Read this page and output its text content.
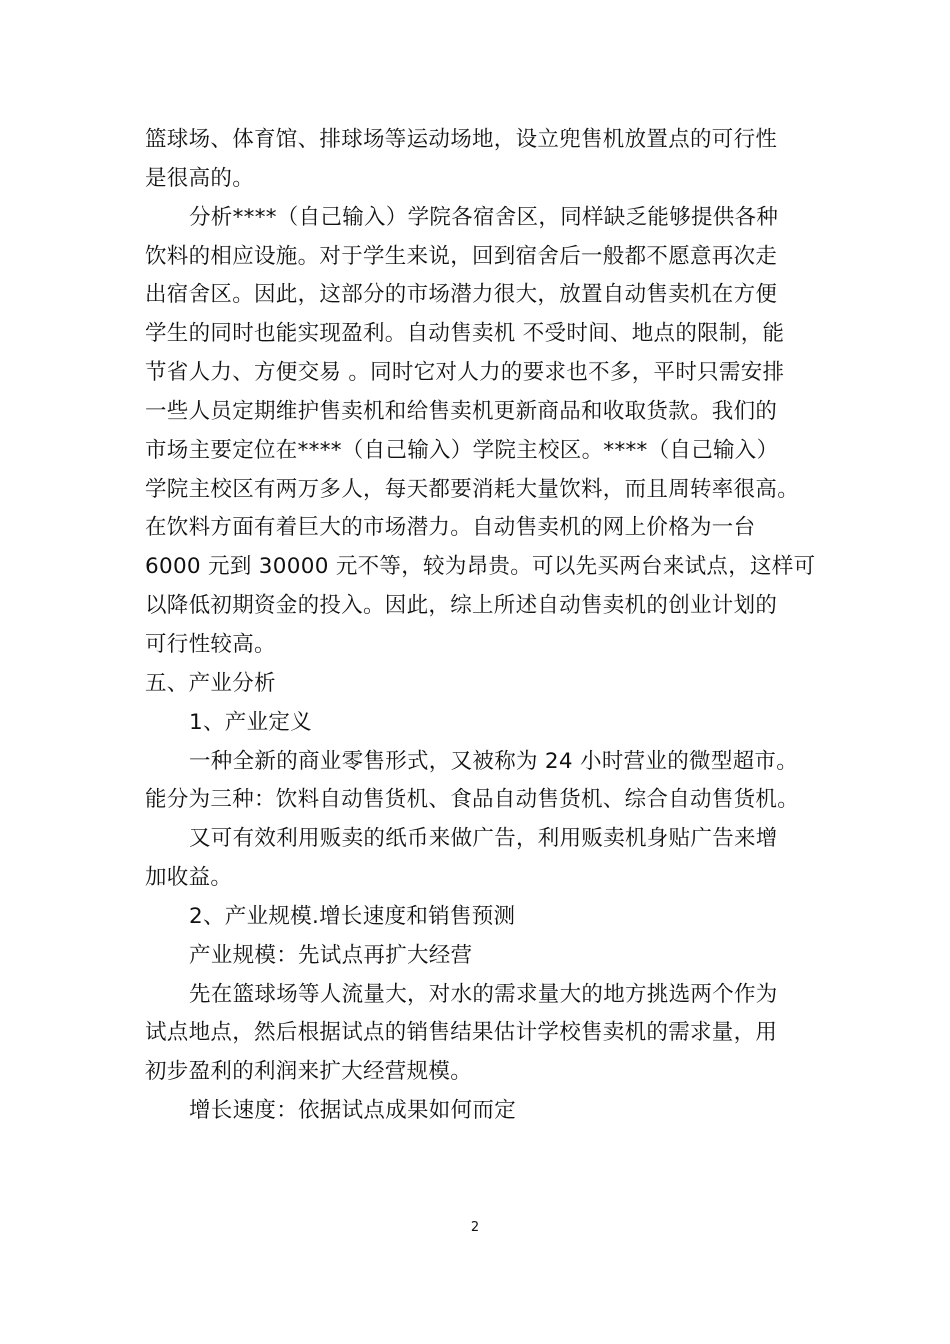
篮球场、体育馆、排球场等运动场地，设立兜售机放置点的可行性
是很高的。
分析****（自己输入）学院各宿舍区，同样缺乏能够提供各种
饮料的相应设施。对于学生来说，回到宿舍后一般都不愿意再次走
出宿舍区。因此，这部分的市场潜力很大，放置自动售卖机在方便
学生的同时也能实现盈利。自动售卖机 不受时间、地点的限制，能
节省人力、方便交易 。同时它对人力的要求也不多，平时只需安排
一些人员定期维护售卖机和给售卖机更新商品和收取货款。我们的
市场主要定位在****（自己输入）学院主校区。****（自己输入）
学院主校区有两万多人，每天都要消耗大量饮料，而且周转率很高。
在饮料方面有着巨大的市场潜力。自动售卖机的网上价格为一台
6000 元到 30000 元不等，较为昂贵。可以先买两台来试点，这样可
以降低初期资金的投入。因此，综上所述自动售卖机的创业计划的
可行性较高。
五、产业分析
1、产业定义
一种全新的商业零售形式，又被称为 24 小时营业的微型超市。
能分为三种：饮料自动售货机、食品自动售货机、综合自动售货机。
又可有效利用贩卖的纸币来做广告，利用贩卖机身贴广告来增
加收益。
2、产业规模.增长速度和销售预测
产业规模：先试点再扩大经营
先在篮球场等人流量大，对水的需求量大的地方挑选两个作为
试点地点，然后根据试点的销售结果估计学校售卖机的需求量，用
初步盈利的利润来扩大经营规模。
增长速度：依据试点成果如何而定
2
